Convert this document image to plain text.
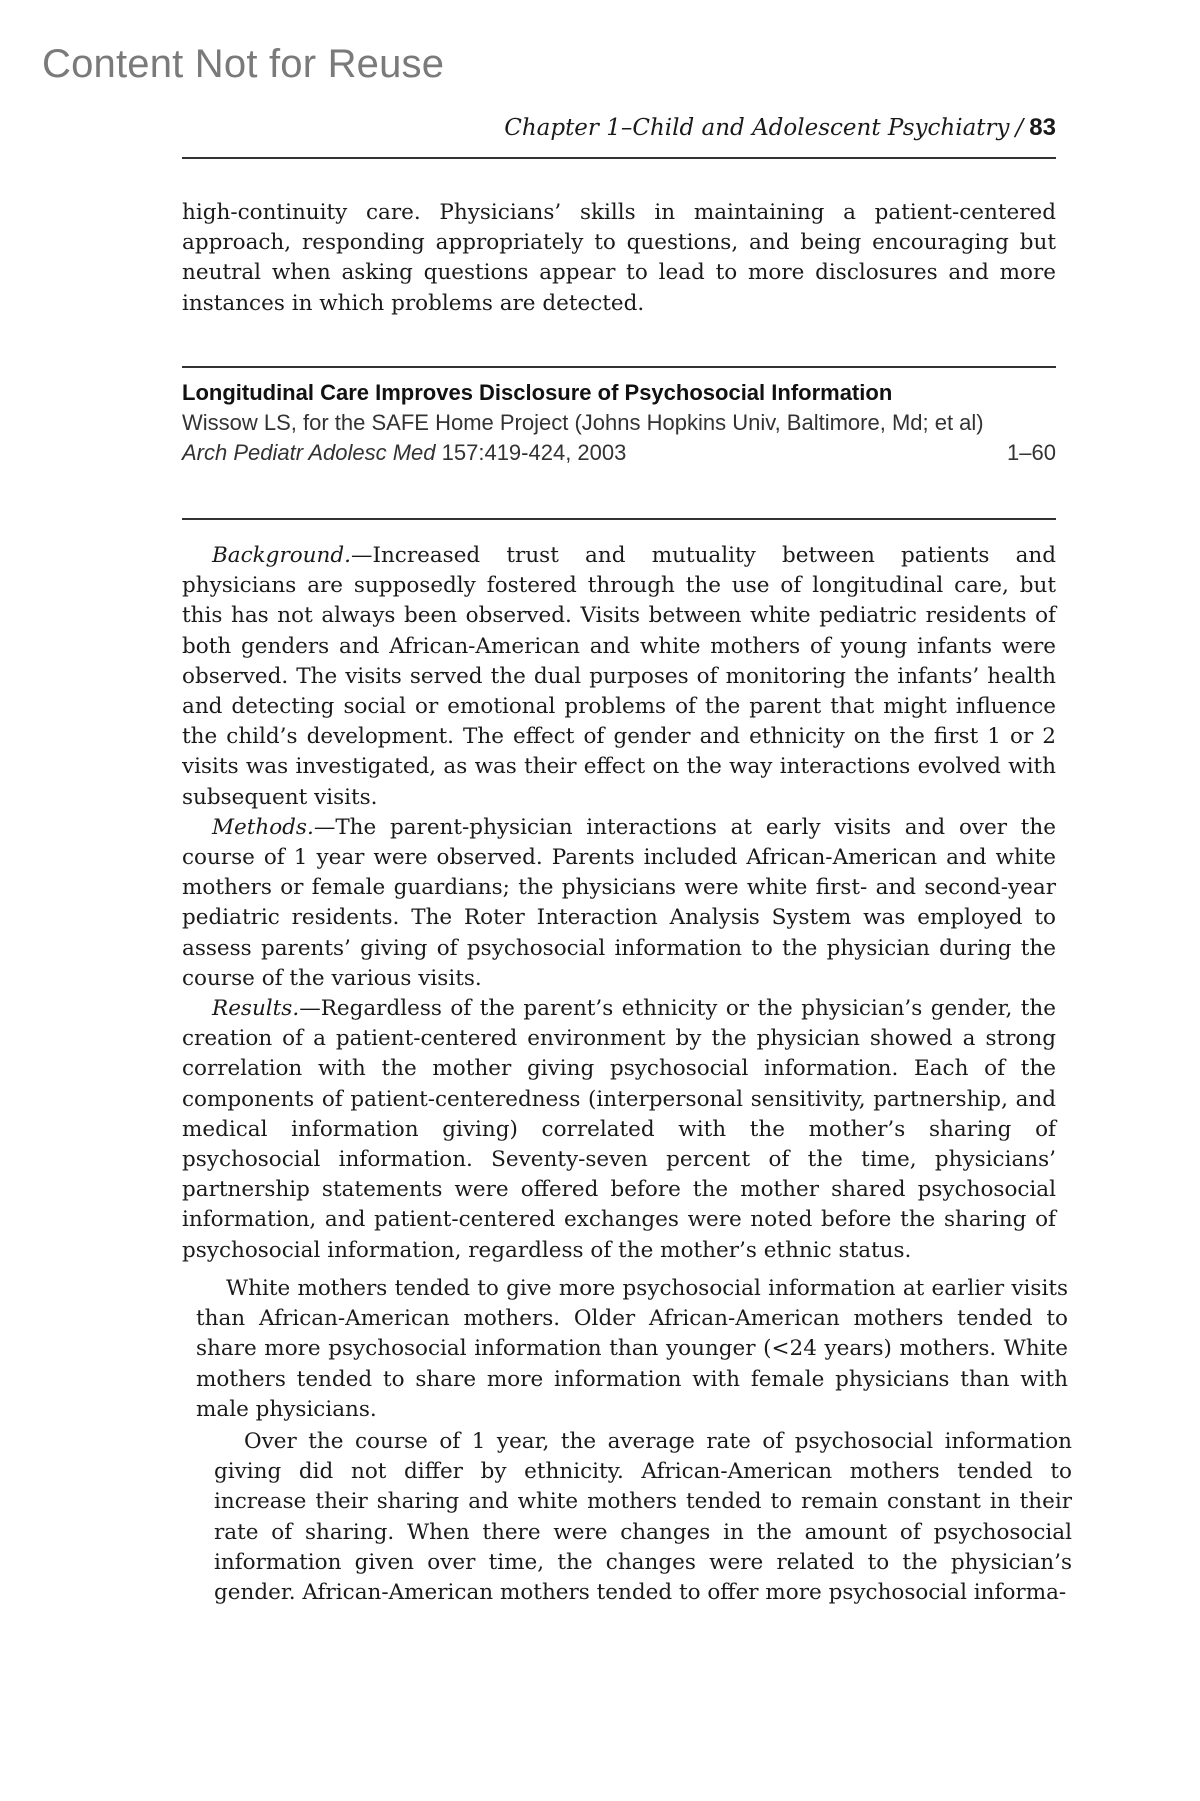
Content Not for Reuse
Chapter 1–Child and Adolescent Psychiatry / 83

high-continuity care. Physicians’ skills in maintaining a patient-centered approach, responding appropriately to questions, and being encouraging but neutral when asking questions appear to lead to more disclosures and more instances in which problems are detected.

Longitudinal Care Improves Disclosure of Psychosocial Information
Wissow LS, for the SAFE Home Project (Johns Hopkins Univ, Baltimore, Md; et al)
Arch Pediatr Adolesc Med 157:419-424, 2003	1–60

Background.—Increased trust and mutuality between patients and physicians are supposedly fostered through the use of longitudinal care, but this has not always been observed. Visits between white pediatric residents of both genders and African-American and white mothers of young infants were observed. The visits served the dual purposes of monitoring the infants’ health and detecting social or emotional problems of the parent that might influence the child’s development. The effect of gender and ethnicity on the first 1 or 2 visits was investigated, as was their effect on the way interactions evolved with subsequent visits.

Methods.—The parent-physician interactions at early visits and over the course of 1 year were observed. Parents included African-American and white mothers or female guardians; the physicians were white first- and second-year pediatric residents. The Roter Interaction Analysis System was employed to assess parents’ giving of psychosocial information to the physician during the course of the various visits.

Results.—Regardless of the parent’s ethnicity or the physician’s gender, the creation of a patient-centered environment by the physician showed a strong correlation with the mother giving psychosocial information. Each of the components of patient-centeredness (interpersonal sensitivity, partnership, and medical information giving) correlated with the mother’s sharing of psychosocial information. Seventy-seven percent of the time, physicians’ partnership statements were offered before the mother shared psychosocial information, and patient-centered exchanges were noted before the sharing of psychosocial information, regardless of the mother’s ethnic status.

White mothers tended to give more psychosocial information at earlier visits than African-American mothers. Older African-American mothers tended to share more psychosocial information than younger (<24 years) mothers. White mothers tended to share more information with female physicians than with male physicians.

Over the course of 1 year, the average rate of psychosocial information giving did not differ by ethnicity. African-American mothers tended to increase their sharing and white mothers tended to remain constant in their rate of sharing. When there were changes in the amount of psychosocial information given over time, the changes were related to the physician’s gender. African-American mothers tended to offer more psychosocial informa-
